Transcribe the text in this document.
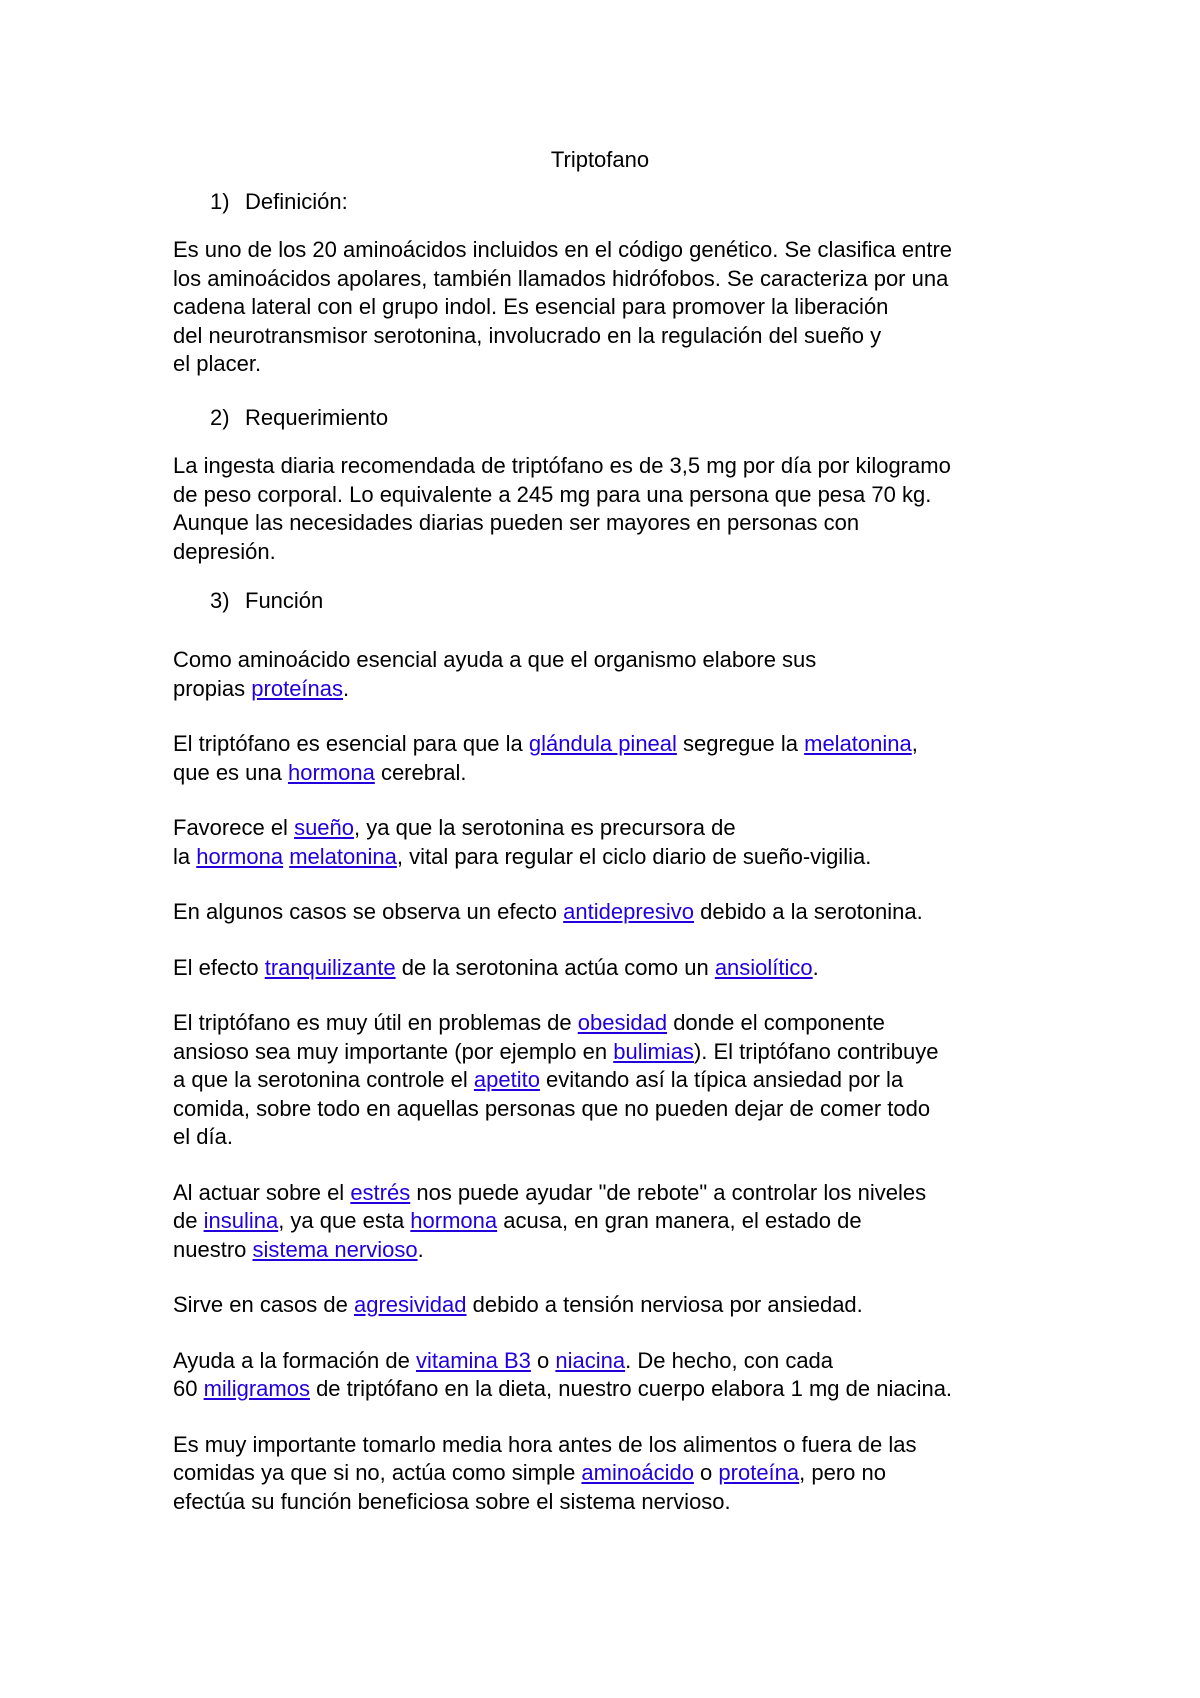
Triptofano
1) Definición:
Es uno de los 20 aminoácidos incluidos en el código genético. Se clasifica entre
los aminoácidos apolares, también llamados hidrófobos. Se caracteriza por una
cadena lateral con el grupo indol. Es esencial para promover la liberación
del neurotransmisor serotonina, involucrado en la regulación del sueño y
el placer.
2) Requerimiento
La ingesta diaria recomendada de triptófano es de 3,5 mg por día por kilogramo
de peso corporal. Lo equivalente a 245 mg para una persona que pesa 70 kg.
Aunque las necesidades diarias pueden ser mayores en personas con
depresión.
3) Función

Como aminoácido esencial ayuda a que el organismo elabore sus
propias proteínas.

El triptófano es esencial para que la glándula pineal segregue la melatonina,
que es una hormona cerebral.

Favorece el sueño, ya que la serotonina es precursora de
la hormona melatonina, vital para regular el ciclo diario de sueño-vigilia.

En algunos casos se observa un efecto antidepresivo debido a la serotonina.

El efecto tranquilizante de la serotonina actúa como un ansiolítico.

El triptófano es muy útil en problemas de obesidad donde el componente
ansioso sea muy importante (por ejemplo en bulimias). El triptófano contribuye
a que la serotonina controle el apetito evitando así la típica ansiedad por la
comida, sobre todo en aquellas personas que no pueden dejar de comer todo
el día.

Al actuar sobre el estrés nos puede ayudar "de rebote" a controlar los niveles
de insulina, ya que esta hormona acusa, en gran manera, el estado de
nuestro sistema nervioso.

Sirve en casos de agresividad debido a tensión nerviosa por ansiedad.

Ayuda a la formación de vitamina B3 o niacina. De hecho, con cada
60 miligramos de triptófano en la dieta, nuestro cuerpo elabora 1 mg de niacina.

Es muy importante tomarlo media hora antes de los alimentos o fuera de las
comidas ya que si no, actúa como simple aminoácido o proteína, pero no
efectúa su función beneficiosa sobre el sistema nervioso.
